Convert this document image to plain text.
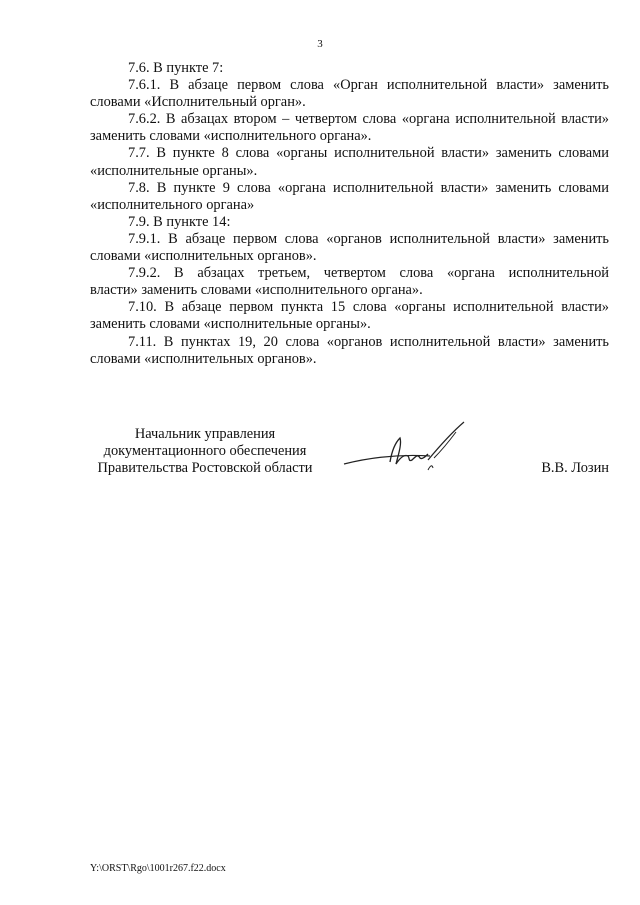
3

7.6. В пункте 7:

7.6.1. В абзаце первом слова «Орган исполнительной власти» заменить

словами «Исполнительный орган».

7.6.2. В абзацах втором – четвертом слова «органа исполнительной власти»

заменить словами «исполнительного органа».

7.7. В пункте 8 слова «органы исполнительной власти» заменить словами

«исполнительные органы».

7.8. В пункте 9 слова «органа исполнительной власти» заменить словами

«исполнительного органа»

7.9. В пункте 14:

7.9.1. В абзаце первом слова «органов исполнительной власти» заменить

словами «исполнительных органов».

7.9.2. В абзацах третьем, четвертом слова «органа исполнительной

власти» заменить словами «исполнительного органа».

7.10. В абзаце первом пункта 15 слова «органы исполнительной власти»

заменить словами «исполнительные органы».

7.11. В пунктах 19, 20 слова «органов исполнительной власти» заменить

словами «исполнительных органов».

Начальник управления
документационного обеспечения
Правительства Ростовской области	В.В. Лозин
Y:\ORST\Rgo\1001r267.f22.docx
